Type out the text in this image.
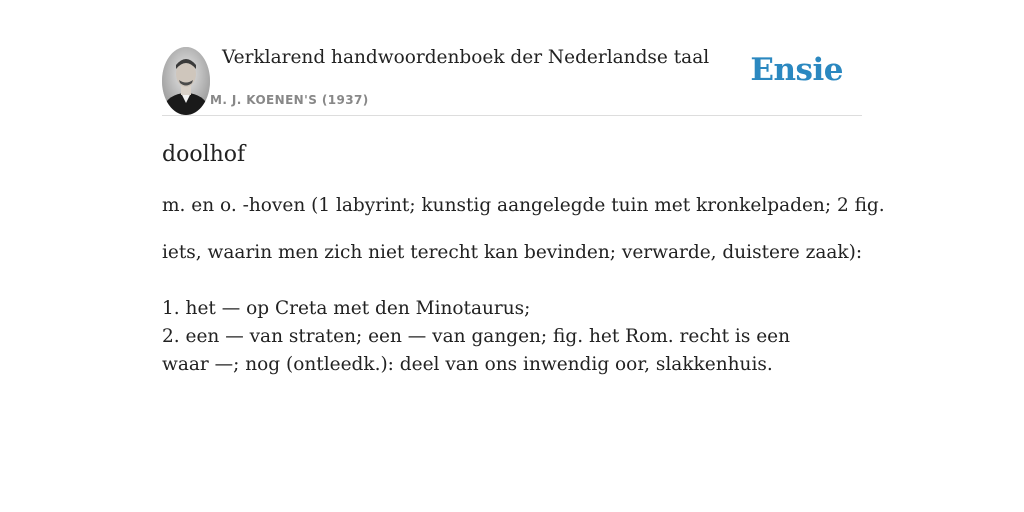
Verklarend handwoordenboek der Nederlandse taal
M. J. KOENEN'S (1937)
Ensie
doolhof
m. en o. -hoven (1 labyrint; kunstig aangelegde tuin met kronkelpaden; 2 fig.
iets, waarin men zich niet terecht kan bevinden; verwarde, duistere zaak):
1. het — op Creta met den Minotaurus;
2. een — van straten; een — van gangen; fig. het Rom. recht is een waar —; nog (ontleedk.): deel van ons inwendig oor, slakkenhuis.
